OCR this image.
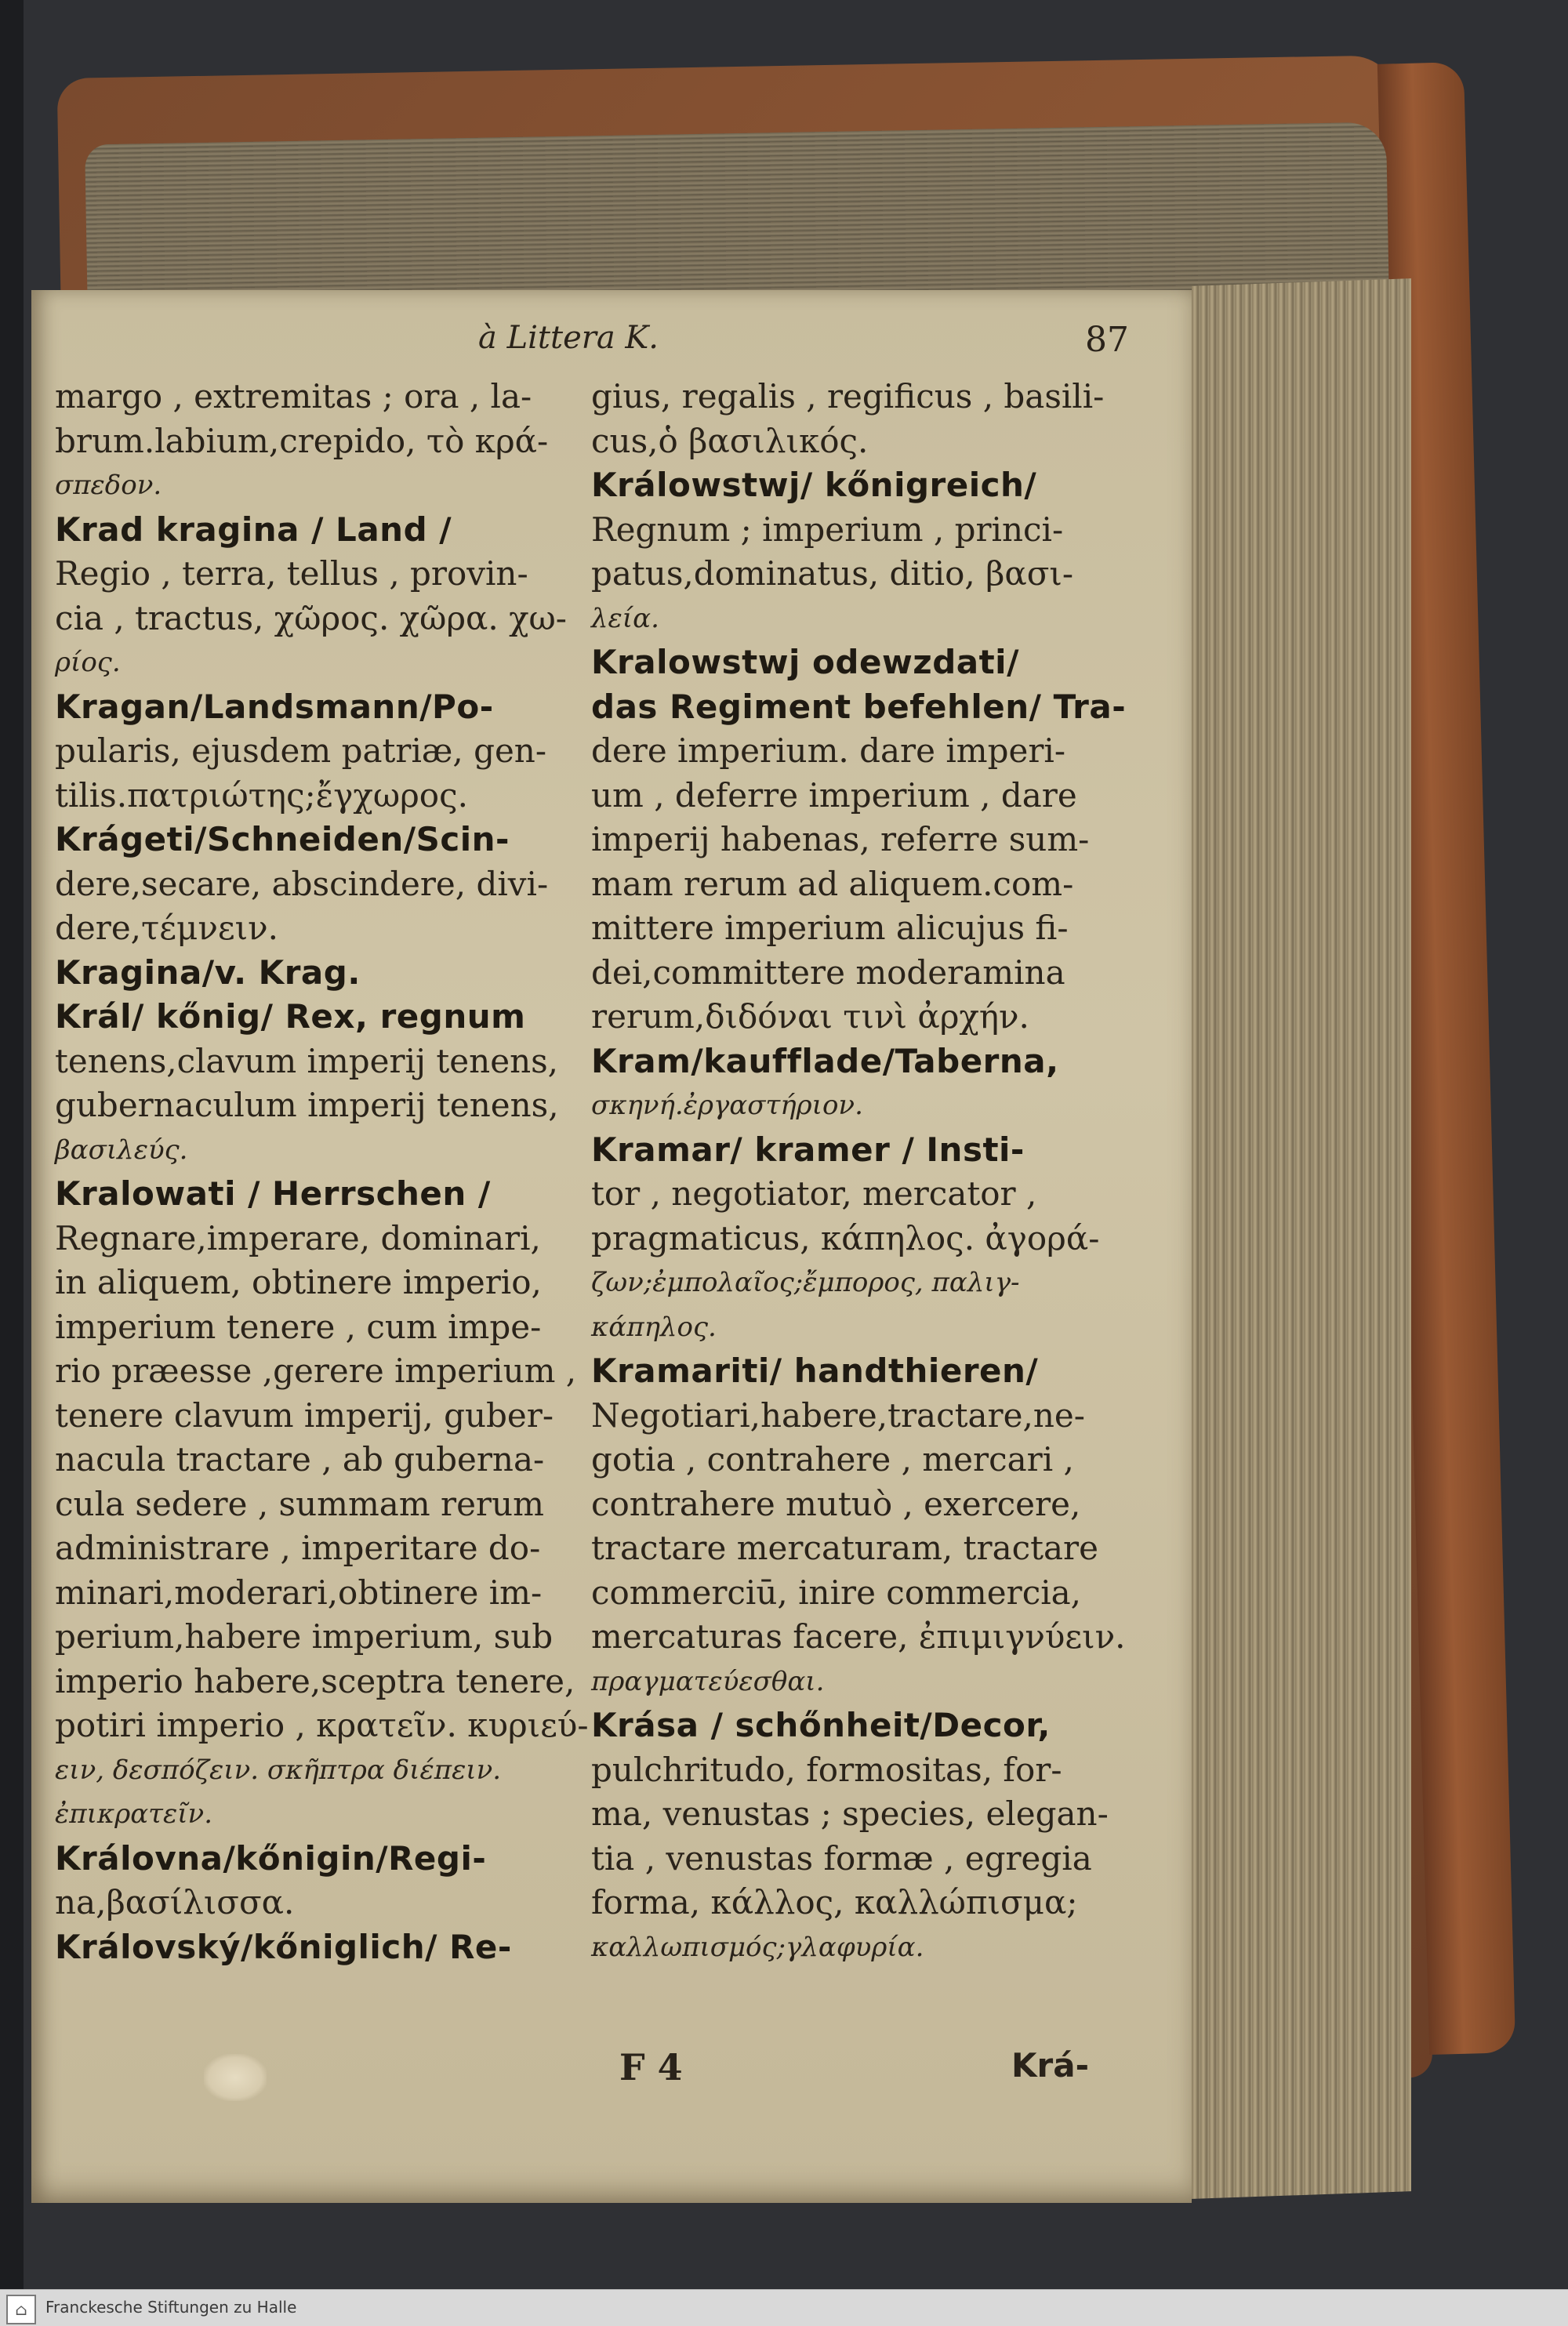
à Littera K.	87
margo , extremitas ; ora , la-
brum.labium,crepido, τὸ κρά-
σπεδον.
Krad kragina / Land /
Regio , terra, tellus , provin-
cia , tractus, χῶρος. χῶρα. χω-
ρίος.
Kragan/Landsmann/Po-
pularis, ejusdem patriæ, gen-
tilis.πατριώτης;ἔγχωρος.
Krágeti/Schneiden/Scin-
dere,secare, abscindere, divi-
dere,τέμνειν.
Kragina/v. Krag.
Král/ kőnig/ Rex, regnum
tenens,clavum imperij tenens,
gubernaculum imperij tenens,
βασιλεύς.
Kralowati / Herrschen /
Regnare,imperare, dominari,
in aliquem, obtinere imperio,
imperium tenere , cum impe-
rio præesse ,gerere imperium ,
tenere clavum imperij, guber-
nacula tractare , ab guberna-
cula sedere , summam rerum
administrare , imperitare do-
minari,moderari,obtinere im-
perium,habere imperium, sub
imperio habere,sceptra tenere,
potiri imperio , κρατεῖν. κυριεύ-
ειν, δεσπόζειν. σκῆπτρα διέπειν.
ἐπικρατεῖν.
Královna/kőnigin/Regi-
na,βασίλισσα.
Královský/kőniglich/ Re-
gius, regalis , regificus , basili-
cus,ὁ βασιλικός.
Králowstwj/ kőnigreich/
Regnum ; imperium , princi-
patus,dominatus, ditio, βασι-
λεία.
Kralowstwj odewzdati/
das Regiment befehlen/ Tra-
dere imperium. dare imperi-
um , deferre imperium , dare
imperij habenas, referre sum-
mam rerum ad aliquem.com-
mittere imperium alicujus fi-
dei,committere moderamina
rerum,διδόναι τινὶ ἀρχήν.
Kram/kaufflade/Taberna,
σκηνή.ἐργαστήριον.
Kramar/ kramer / Insti-
tor , negotiator, mercator ,
pragmaticus, κάπηλος. ἀγορά-
ζων;ἐμπολαῖος;ἔμπορος, παλιγ-
κάπηλος.
Kramariti/ handthieren/
Negotiari,habere,tractare,ne-
gotia , contrahere , mercari ,
contrahere mutuò , exercere,
tractare mercaturam, tractare
commerciū, inire commercia,
mercaturas facere, ἐπιμιγνύειν.
πραγματεύεσθαι.
Krása / schőnheit/Decor,
pulchritudo, formositas, for-
ma, venustas ; species, elegan-
tia , venustas formæ , egregia
forma, κάλλος, καλλώπισμα;
καλλωπισμός;γλαφυρία.
F 4	Krá-
⌂	Franckesche Stiftungen zu Halle
